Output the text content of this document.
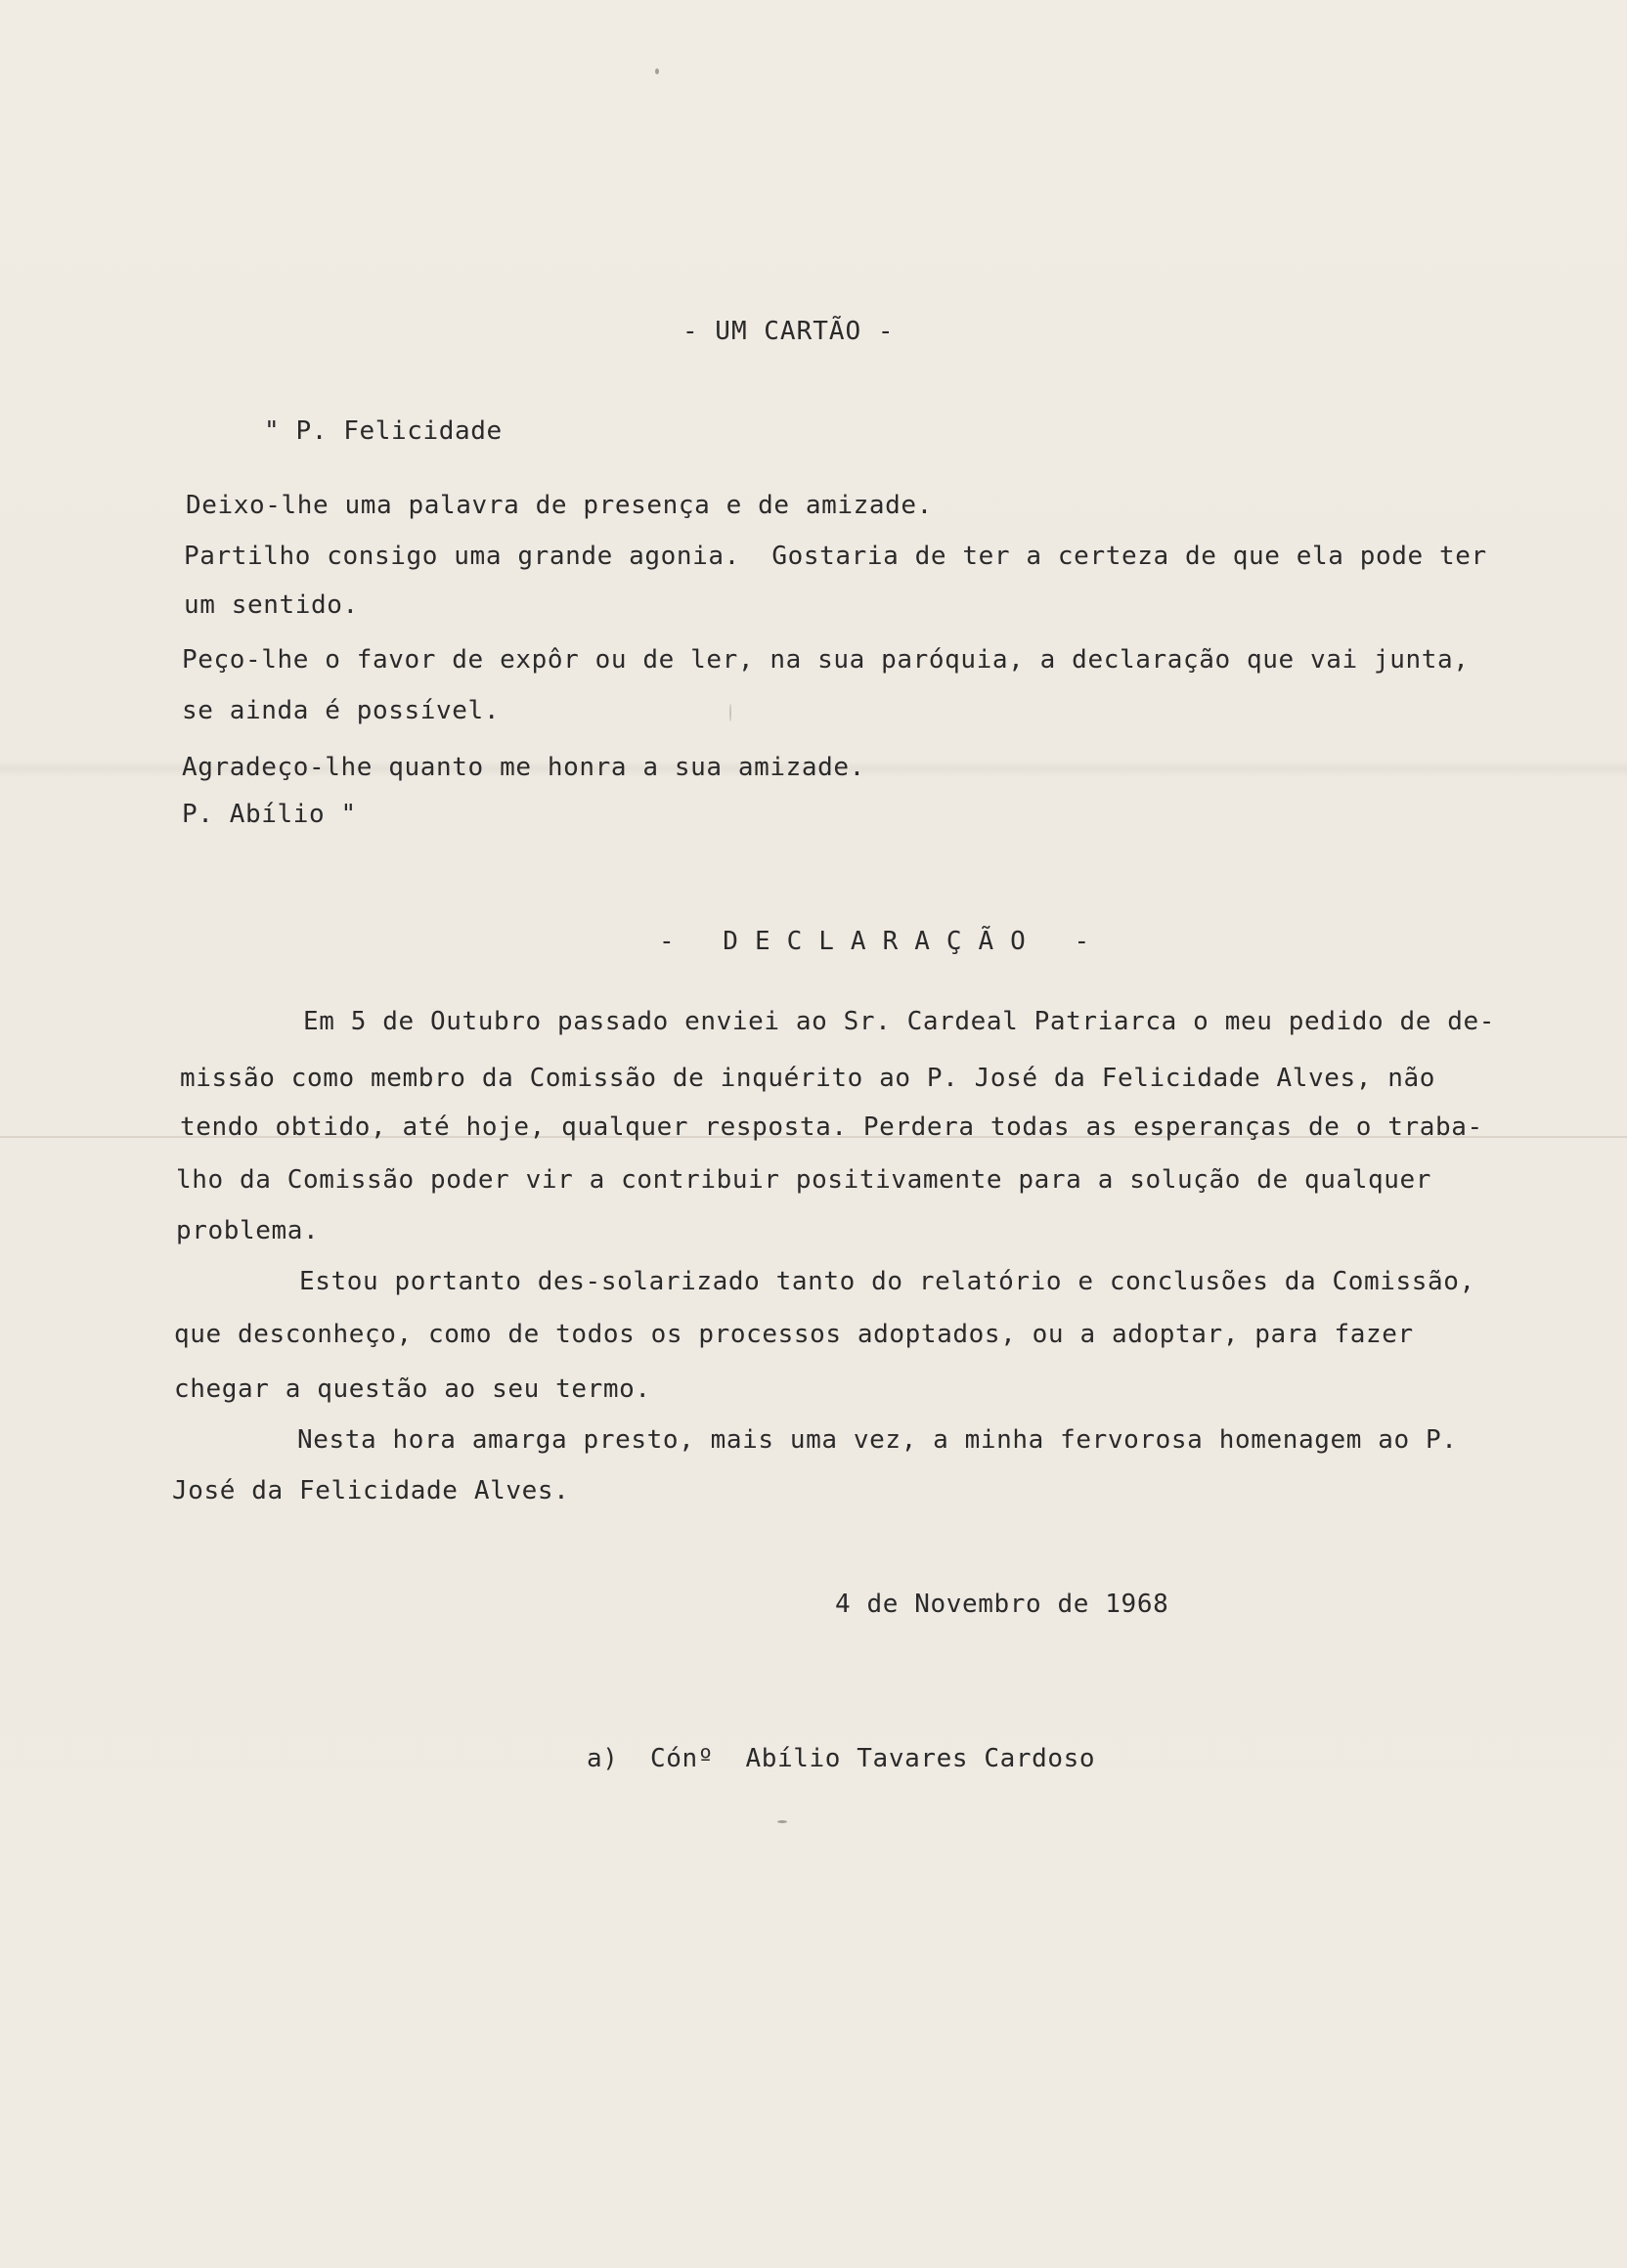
- UM CARTÃO -
" P. Felicidade
Deixo-lhe uma palavra de presença e de amizade.
Partilho consigo uma grande agonia.  Gostaria de ter a certeza de que ela pode ter
um sentido.
Peço-lhe o favor de expôr ou de ler, na sua paróquia, a declaração que vai junta,
se ainda é possível.
Agradeço-lhe quanto me honra a sua amizade.
P. Abílio "
- DECLARAÇÃO -
Em 5 de Outubro passado enviei ao Sr. Cardeal Patriarca o meu pedido de de-
missão como membro da Comissão de inquérito ao P. José da Felicidade Alves, não
tendo obtido, até hoje, qualquer resposta. Perdera todas as esperanças de o traba-
lho da Comissão poder vir a contribuir positivamente para a solução de qualquer
problema.
Estou portanto des-solarizado tanto do relatório e conclusões da Comissão,
que desconheço, como de todos os processos adoptados, ou a adoptar, para fazer
chegar a questão ao seu termo.
Nesta hora amarga presto, mais uma vez, a minha fervorosa homenagem ao P.
José da Felicidade Alves.
4 de Novembro de 1968
a)  Cónº  Abílio Tavares Cardoso
